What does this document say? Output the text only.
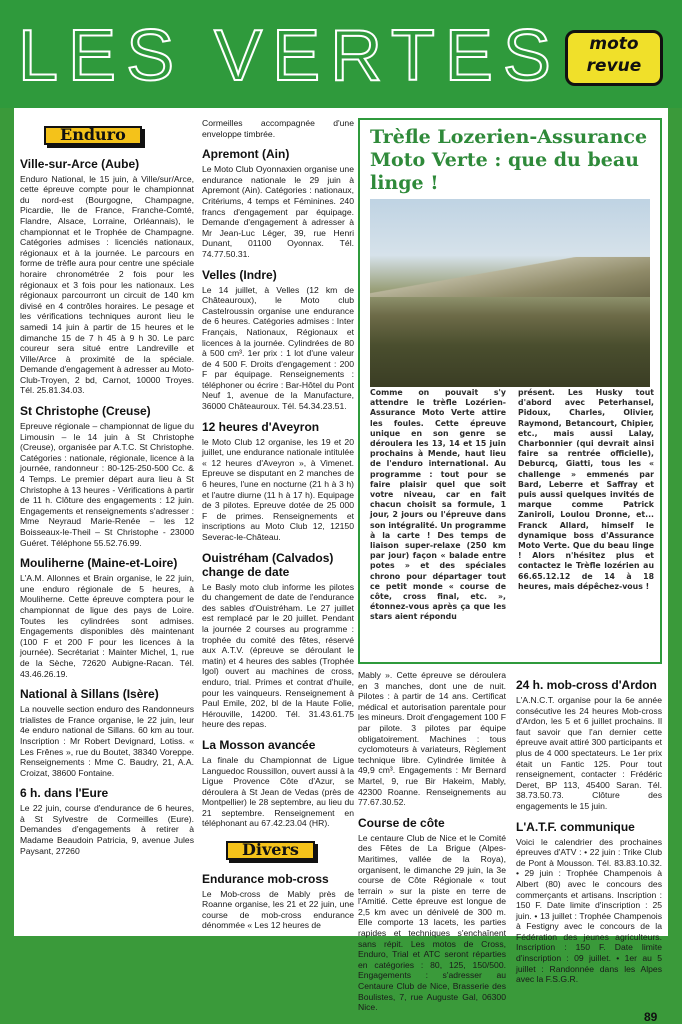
LES VERTES	moto
revue
Enduro
Ville-sur-Arce (Aube)

Enduro National, le 15 juin, à Ville/sur/Arce, cette épreuve compte pour le championnat du nord-est (Bourgogne, Champagne, Picardie, Ile de France, Franche-Comté, Flandre, Alsace, Lorraine, Orléannais), le championnat et le Trophée de Champagne. Catégories admises : licenciés nationaux, régionaux et à la journée. Le parcours en forme de trèfle aura pour centre une spéciale horaire chronométrée 2 fois pour les régionaux et 3 fois pour les nationaux. Les régionaux parcourront un circuit de 140 km divisé en 4 contrôles horaires. Le pesage et les vérifications techniques auront lieu le samedi 14 juin à partir de 15 heures et le dimanche 15 de 7 h 45 à 9 h 30. Le parc coureur sera situé entre Landreville et Ville/Arce à proximité de la spéciale. Demande d'engagement à adresser au Moto-Club-Troyen, 2 bd, Carnot, 10000 Troyes. Tél. 25.81.34.03.

St Christophe (Creuse)

Epreuve régionale – championnat de ligue du Limousin – le 14 juin à St Christophe (Creuse), organisée par A.T.C. St Christophe. Catégories : nationale, régionale, licence à la journée, randonneur : 80-125-250-500 Cc. & 4 Temps. Le premier départ aura lieu à St Christophe à 13 heures - Vérifications à partir de 11 h. Clôture des engagements : 12 juin. Engagements et renseignements s'adresser : Mme Neyraud Marie-Renée – les 12 Boisseaux-le-Theil – St Christophe - 23000 Guéret. Téléphone 55.52.76.99.

Mouliherne (Maine-et-Loire)

L'A.M. Allonnes et Brain organise, le 22 juin, une enduro régionale de 5 heures, à Mouliherne. Cette épreuve comptera pour le championnat de ligue des pays de Loire. Toutes les cylindrées sont admises. Engagements disponibles dès maintenant (100 F et 200 F pour les licences à la journée). Secrétariat : Mainter Michel, 1, rue de la Sèche, 72620 Aubigne-Racan. Tél. 43.46.26.19.

National à Sillans (Isère)

La nouvelle section enduro des Randonneurs trialistes de France organise, le 22 juin, leur 4e enduro national de Sillans. 60 km au tour. Inscription : Mr Robert Devignard, Lotiss. « Les Frênes », rue du Boutet, 38340 Voreppe. Renseignements : Mme C. Baudry, 21, A.A. Croizat, 38600 Fontaine.

6 h. dans l'Eure

Le 22 juin, course d'endurance de 6 heures, à St Sylvestre de Cormeilles (Eure). Demandes d'engagements à retirer à Madame Beaudoin Patricia, 9, avenue Jules Paysant, 27260

Cormeilles accompagnée d'une enveloppe timbrée.

Apremont (Ain)

Le Moto Club Oyonnaxien organise une endurance nationale le 29 juin à Apremont (Ain). Catégories : nationaux, Critériums, 4 temps et Féminines. 240 francs d'engagement par équipage. Demande d'engagement à adresser à Mr Jean-Luc Léger, 39, rue Henri Dunant, 01100 Oyonnax. Tél. 74.77.50.31.

Velles (Indre)

Le 14 juillet, à Velles (12 km de Châteauroux), le Moto club Castelroussin organise une endurance de 6 heures. Catégories admises : Inter Français, Nationaux, Régionaux et licences à la journée. Cylindrées de 80 à 500 cm³. 1er prix : 1 lot d'une valeur de 4 500 F. Droits d'engagement : 200 F par équipage. Renseignements : téléphoner ou écrire : Bar-Hôtel du Pont Neuf 1, avenue de la Manufacture, 36000 Châteauroux. Tél. 54.34.23.51.

12 heures d'Aveyron

le Moto Club 12 organise, les 19 et 20 juillet, une endurance nationale intitulée « 12 heures d'Aveyron », à Vimenet. Epreuve se disputant en 2 manches de 6 heures, l'une en nocturne (21 h à 3 h) et l'autre diurne (11 h à 17 h). Equipage de 3 pilotes. Epreuve dotée de 25 000 F de primes. Renseignements et inscriptions au Moto Club 12, 12150 Severac-le-Château.

Ouistréham (Calvados) change de date

Le Basly moto club informe les pilotes du changement de date de l'endurance des sables d'Ouistréham. Le 27 juillet est remplacé par le 20 juillet. Pendant la journée 2 courses au programme : trophée du comité des fêtes, réservé aux A.T.V. (épreuve se déroulant le matin) et 4 heures des sables (Trophée Igol) ouvert au machines de cross, enduro, trial. Primes et contrat d'huile, pour les vainqueurs. Renseignement à Paul Emile, 202, bl de la Haute Folie, Hérouville, 14200. Tél. 31.43.61.75 heure des repas.

La Mosson avancée

La finale du Championnat de Ligue Languedoc Roussillon, ouvert aussi à la Ligue Provence Côte d'Azur, se déroulera à St Jean de Vedas (près de Montpellier) le 28 septembre, au lieu du 21 septembre. Renseignement en téléphonant au 67.42.23.04 (HR).

Divers
Endurance mob-cross

Le Mob-cross de Mably près de Roanne organise, les 21 et 22 juin, une course de mob-cross endurance dénommée « Les 12 heures de

Trèfle Lozerien-Assurance Moto Verte : que du beau linge !

Comme on pouvait s'y attendre le trèfle Lozérien-Assurance Moto Verte attire les foules. Cette épreuve unique en son genre se déroulera les 13, 14 et 15 juin prochains à Mende, haut lieu de l'enduro international. Au programme : tout pour se faire plaisir quel que soit votre niveau, car en fait chacun choisit sa formule, 1 jour, 2 jours ou l'épreuve dans son intégralité. Un programme à la carte ! Des temps de liaison super-relaxe (250 km par jour) façon « balade entre potes » et des spéciales chrono pour départager tout ce petit monde « course de côte, cross final, etc. », étonnez-vous après ça que les stars aient répondu

présent. Les Husky tout d'abord avec Peterhansel, Pidoux, Charles, Olivier, Raymond, Betancourt, Chipier, etc., mais aussi Lalay, Charbonnier (qui devrait ainsi faire sa rentrée officielle), Deburcq, Giatti, tous les « challenge » emmenés par Bard, Leberre et Saffray et puis aussi quelques invités de marque comme Patrick Zaniroli, Loulou Dronne, et... Franck Allard, himself le dynamique boss d'Assurance Moto Verte. Que du beau linge ! Alors n'hésitez plus et contactez le Trèfle lozérien au 66.65.12.12 de 14 à 18 heures, mais dépêchez-vous !

Mably ». Cette épreuve se déroulera en 3 manches, dont une de nuit. Pilotes : à partir de 14 ans. Certificat médical et autorisation parentale pour les mineurs. Droit d'engagement 100 F par pilote. 3 pilotes par équipe obligatoirement. Machines : tous cyclomoteurs à variateurs, Règlement technique libre. Cylindrée limitée à 49,9 cm³. Engagements : Mr Bernard Martel, 9, rue Bir Hakeim, Mably, 42300 Roanne. Renseignements au 77.67.30.52.

Course de côte

Le centaure Club de Nice et le Comité des Fêtes de La Brigue (Alpes-Maritimes, vallée de la Roya), organisent, le dimanche 29 juin, la 3e course de Côte Régionale « tout terrain » sur la piste en terre de l'Amitié. Cette épreuve est longue de 2,5 km avec un dénivelé de 300 m. Elle comporte 13 lacets, les parties rapides et techniques s'enchaînent sans répit. Les motos de Cross, Enduro, Trial et ATC seront réparties en catégories : 80, 125, 150/500. Engagements : s'adresser au Centaure Club de Nice, Brasserie des Boulistes, 7, rue Auguste Gal, 06300 Nice.

24 h. mob-cross d'Ardon

L'A.N.C.T. organise pour la 6e année consécutive les 24 heures Mob-cross d'Ardon, les 5 et 6 juillet prochains. Il faut savoir que l'an dernier cette épreuve avait attiré 300 participants et plus de 4 000 spectateurs. Le 1er prix était un Fantic 125. Pour tout renseignement, contacter : Frédéric Deret, BP 113, 45400 Saran. Tél. 38.73.50.73. Clôture des engagements le 15 juin.

L'A.T.F. communique

Voici le calendrier des prochaines épreuves d'ATV : • 22 juin : Trike Club de Pont à Mousson. Tél. 83.83.10.32. • 29 juin : Trophée Champenois à Albert (80) avec le concours des commerçants et artisans. Inscription : 150 F. Date limite d'inscription : 25 juin. • 13 juillet : Trophée Champenois à Festigny avec le concours de la Fédération des jeunes agriculteurs. Inscription : 150 F. Date limite d'inscription : 09 juillet. • 1er au 5 juillet : Randonnée dans les Alpes avec la F.S.G.R.

89
